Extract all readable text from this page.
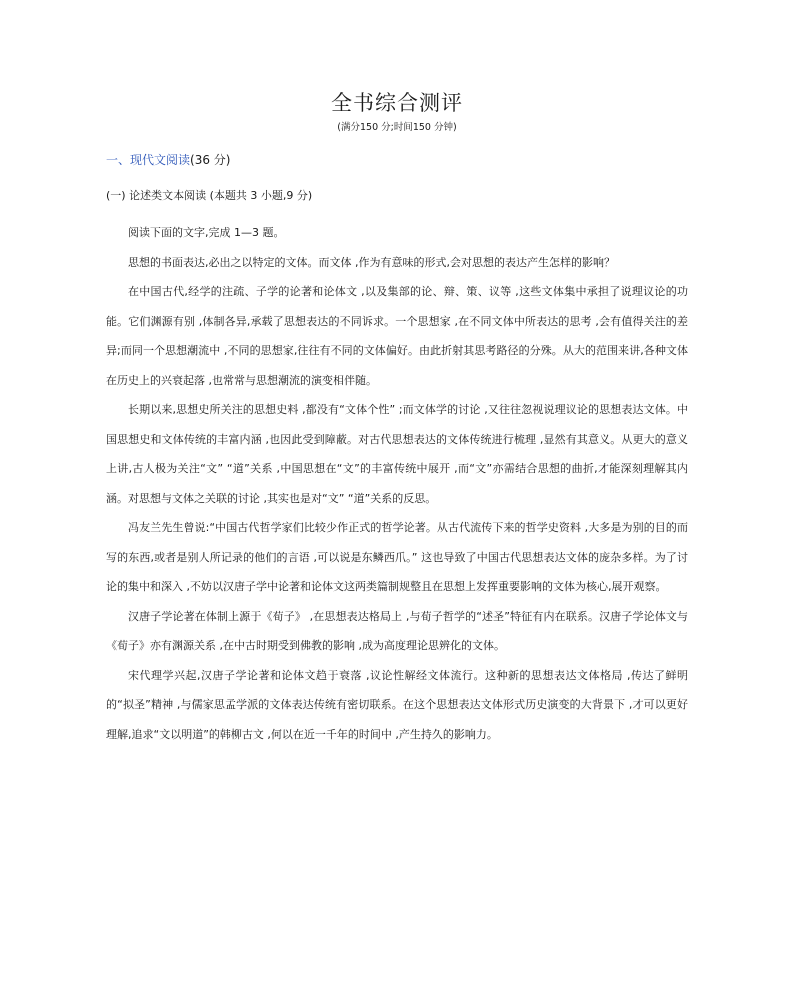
全书综合测评
(满分150 分;时间150 分钟)
一、现代文阅读(36 分)
(一) 论述类文本阅读 (本题共 3 小题,9 分)

阅读下面的文字,完成 1—3 题。

思想的书面表达,必出之以特定的文体。而文体 ,作为有意味的形式,会对思想的表达产生怎样的影响？

在中国古代,经学的注疏、子学的论著和论体文 ,以及集部的论、辩、策、议等 ,这些文体集中承担了说理议论的功能。它们渊源有别 ,体制各异,承载了思想表达的不同诉求。一个思想家 ,在不同文体中所表达的思考 ,会有值得关注的差异;而同一个思想潮流中 ,不同的思想家,往往有不同的文体偏好。由此折射其思考路径的分殊。从大的范围来讲,各种文体在历史上的兴衰起落 ,也常常与思想潮流的演变相伴随。

长期以来,思想史所关注的思想史料 ,都没有“文体个性” ;而文体学的讨论 ,又往往忽视说理议论的思想表达文体。中国思想史和文体传统的丰富内涵 ,也因此受到障蔽。对古代思想表达的文体传统进行梳理 ,显然有其意义。从更大的意义上讲,古人极为关注“文” “道”关系 ,中国思想在“文”的丰富传统中展开 ,而“文”亦需结合思想的曲折,才能深刻理解其内涵。对思想与文体之关联的讨论 ,其实也是对“文” “道”关系的反思。

冯友兰先生曾说:“中国古代哲学家们比较少作正式的哲学论著。从古代流传下来的哲学史资料 ,大多是为别的目的而写的东西,或者是别人所记录的他们的言语 ,可以说是东鳞西爪。” 这也导致了中国古代思想表达文体的庞杂多样。为了讨论的集中和深入 ,不妨以汉唐子学中论著和论体文这两类篇制规整且在思想上发挥重要影响的文体为核心,展开观察。

汉唐子学论著在体制上源于《荀子》 ,在思想表达格局上 ,与荀子哲学的“述圣”特征有内在联系。汉唐子学论体文与《荀子》亦有渊源关系 ,在中古时期受到佛教的影响 ,成为高度理论思辨化的文体。

宋代理学兴起,汉唐子学论著和论体文趋于衰落 ,议论性解经文体流行。这种新的思想表达文体格局 ,传达了鲜明的“拟圣”精神 ,与儒家思孟学派的文体表达传统有密切联系。在这个思想表达文体形式历史演变的大背景下 ,才可以更好理解,追求“文以明道”的韩柳古文 ,何以在近一千年的时间中 ,产生持久的影响力。
